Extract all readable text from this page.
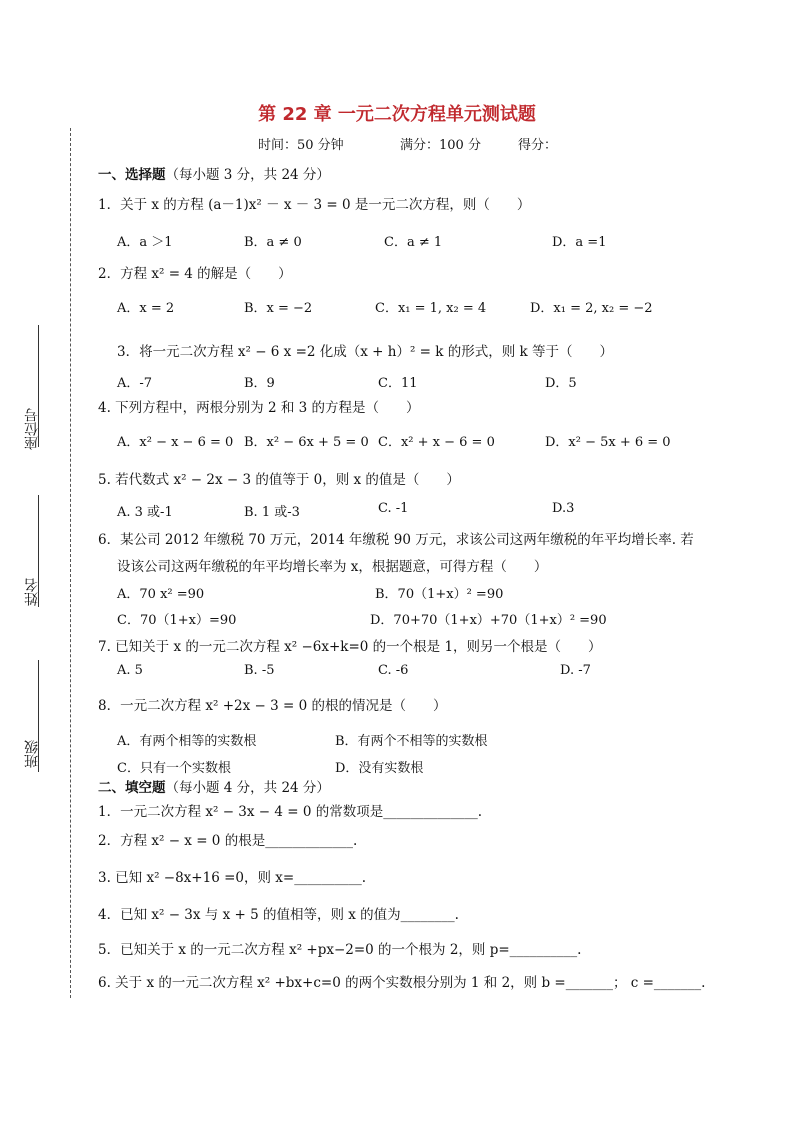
座位号
姓名
班级
第 22 章 一元二次方程单元测试题
时间：50 分钟	满分：100 分	得分：
一、选择题（每小题 3 分，共 24 分）
1．关于 x 的方程 (a－1)x² － x － 3 = 0 是一元二次方程，则（　　）
A．a ＞1	B．a ≠ 0	C．a ≠ 1	D．a =1
2．方程 x² = 4 的解是（　　）
A．x = 2	B．x = −2	C．x₁ = 1, x₂ = 4	D．x₁ = 2, x₂ = −2
3．将一元二次方程 x² − 6 x =2 化成（x + h）² = k 的形式，则 k 等于（　　）
A．-7	B．9	C．11	D．5
4. 下列方程中，两根分别为 2 和 3 的方程是（　　）
A．x² − x − 6 = 0 B．x² − 6x + 5 = 0 C．x² + x − 6 = 0	D．x² − 5x + 6 = 0
5. 若代数式 x² − 2x − 3 的值等于 0，则 x 的值是（　　）
A. 3 或-1	B. 1 或-3	C. -1	D.3
6．某公司 2012 年缴税 70 万元，2014 年缴税 90 万元，求该公司这两年缴税的年平均增长率. 若
设该公司这两年缴税的年平均增长率为 x，根据题意，可得方程（　　）
A．70 x² =90	B．70（1+x）² =90
C．70（1+x）=90	D．70+70（1+x）+70（1+x）² =90
7. 已知关于 x 的一元二次方程 x² −6x+k=0 的一个根是 1，则另一个根是（　　）
A. 5	B. -5	C. -6	D. -7
8．一元二次方程 x² +2x − 3 = 0 的根的情况是（　　）
A．有两个相等的实数根	B．有两个不相等的实数根
C．只有一个实数根	D．没有实数根
二、填空题（每小题 4 分，共 24 分）
1．一元二次方程 x² − 3x − 4 = 0 的常数项是______________.
2．方程 x² − x = 0 的根是_____________.
3. 已知 x² −8x+16 =0，则 x=__________.
4．已知 x² − 3x 与 x + 5 的值相等，则 x 的值为________.
5．已知关于 x 的一元二次方程 x² +px−2=0 的一个根为 2，则 p=__________.
6. 关于 x 的一元二次方程 x² +bx+c=0 的两个实数根分别为 1 和 2，则 b =_______； c =_______.
